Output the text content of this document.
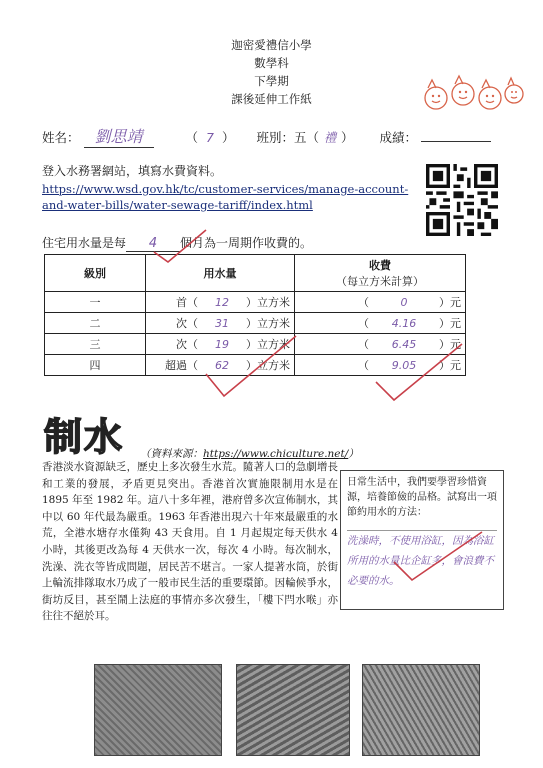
迦密愛禮信小學
數學科
下學期
課後延伸工作紙
姓名： 劉思靖	（ 7 ） 班別：五（ 禮 ） 成績：
登入水務署網站，填寫水費資料。
https://www.wsd.gov.hk/tc/customer-services/manage-account-
and-water-bills/water-sewage-tariff/index.html
住宅用水量是每 4 個月為一周期作收費的。
級別	用水量	收費
（每立方米計算）

一	首（ 12 ）立方米	（ 0 ）元
二	次（ 31 ）立方米	（ 4.16 ）元
三	次（ 19 ）立方米	（ 6.45 ）元
四	超過（ 62 ）立方米	（ 9.05 ）元
制水 （資料來源：https://www.chiculture.net/）
香港淡水資源缺乏，歷史上多次發生水荒。隨著人口的急劇增長和工業的發展，矛盾更見突出。香港首次實施限制用水是在 1895 年至 1982 年。這八十多年裡，港府曾多次宣佈制水，其中以 60 年代最為嚴重。1963 年香港出現六十年來最嚴重的水荒，全港水塘存水僅夠 43 天食用。自 1 月起規定每天供水 4 小時，其後更改為每 4 天供水一次，每次 4 小時。每次制水，洗澡、洗衣等皆成問題，居民苦不堪言。一家人提著水筒，於街上輪流排隊取水乃成了一般市民生活的重要環節。因輪候爭水，街坊反目，甚至鬧上法庭的事情亦多次發生，「樓下閂水喉」亦往往不絕於耳。
日常生活中，我們要學習珍惜資源，培養節儉的品格。試寫出一項節約用水的方法：
洗澡時，不使用浴缸，因為浴缸所用的水量比企缸多，會浪費不必要的水。
